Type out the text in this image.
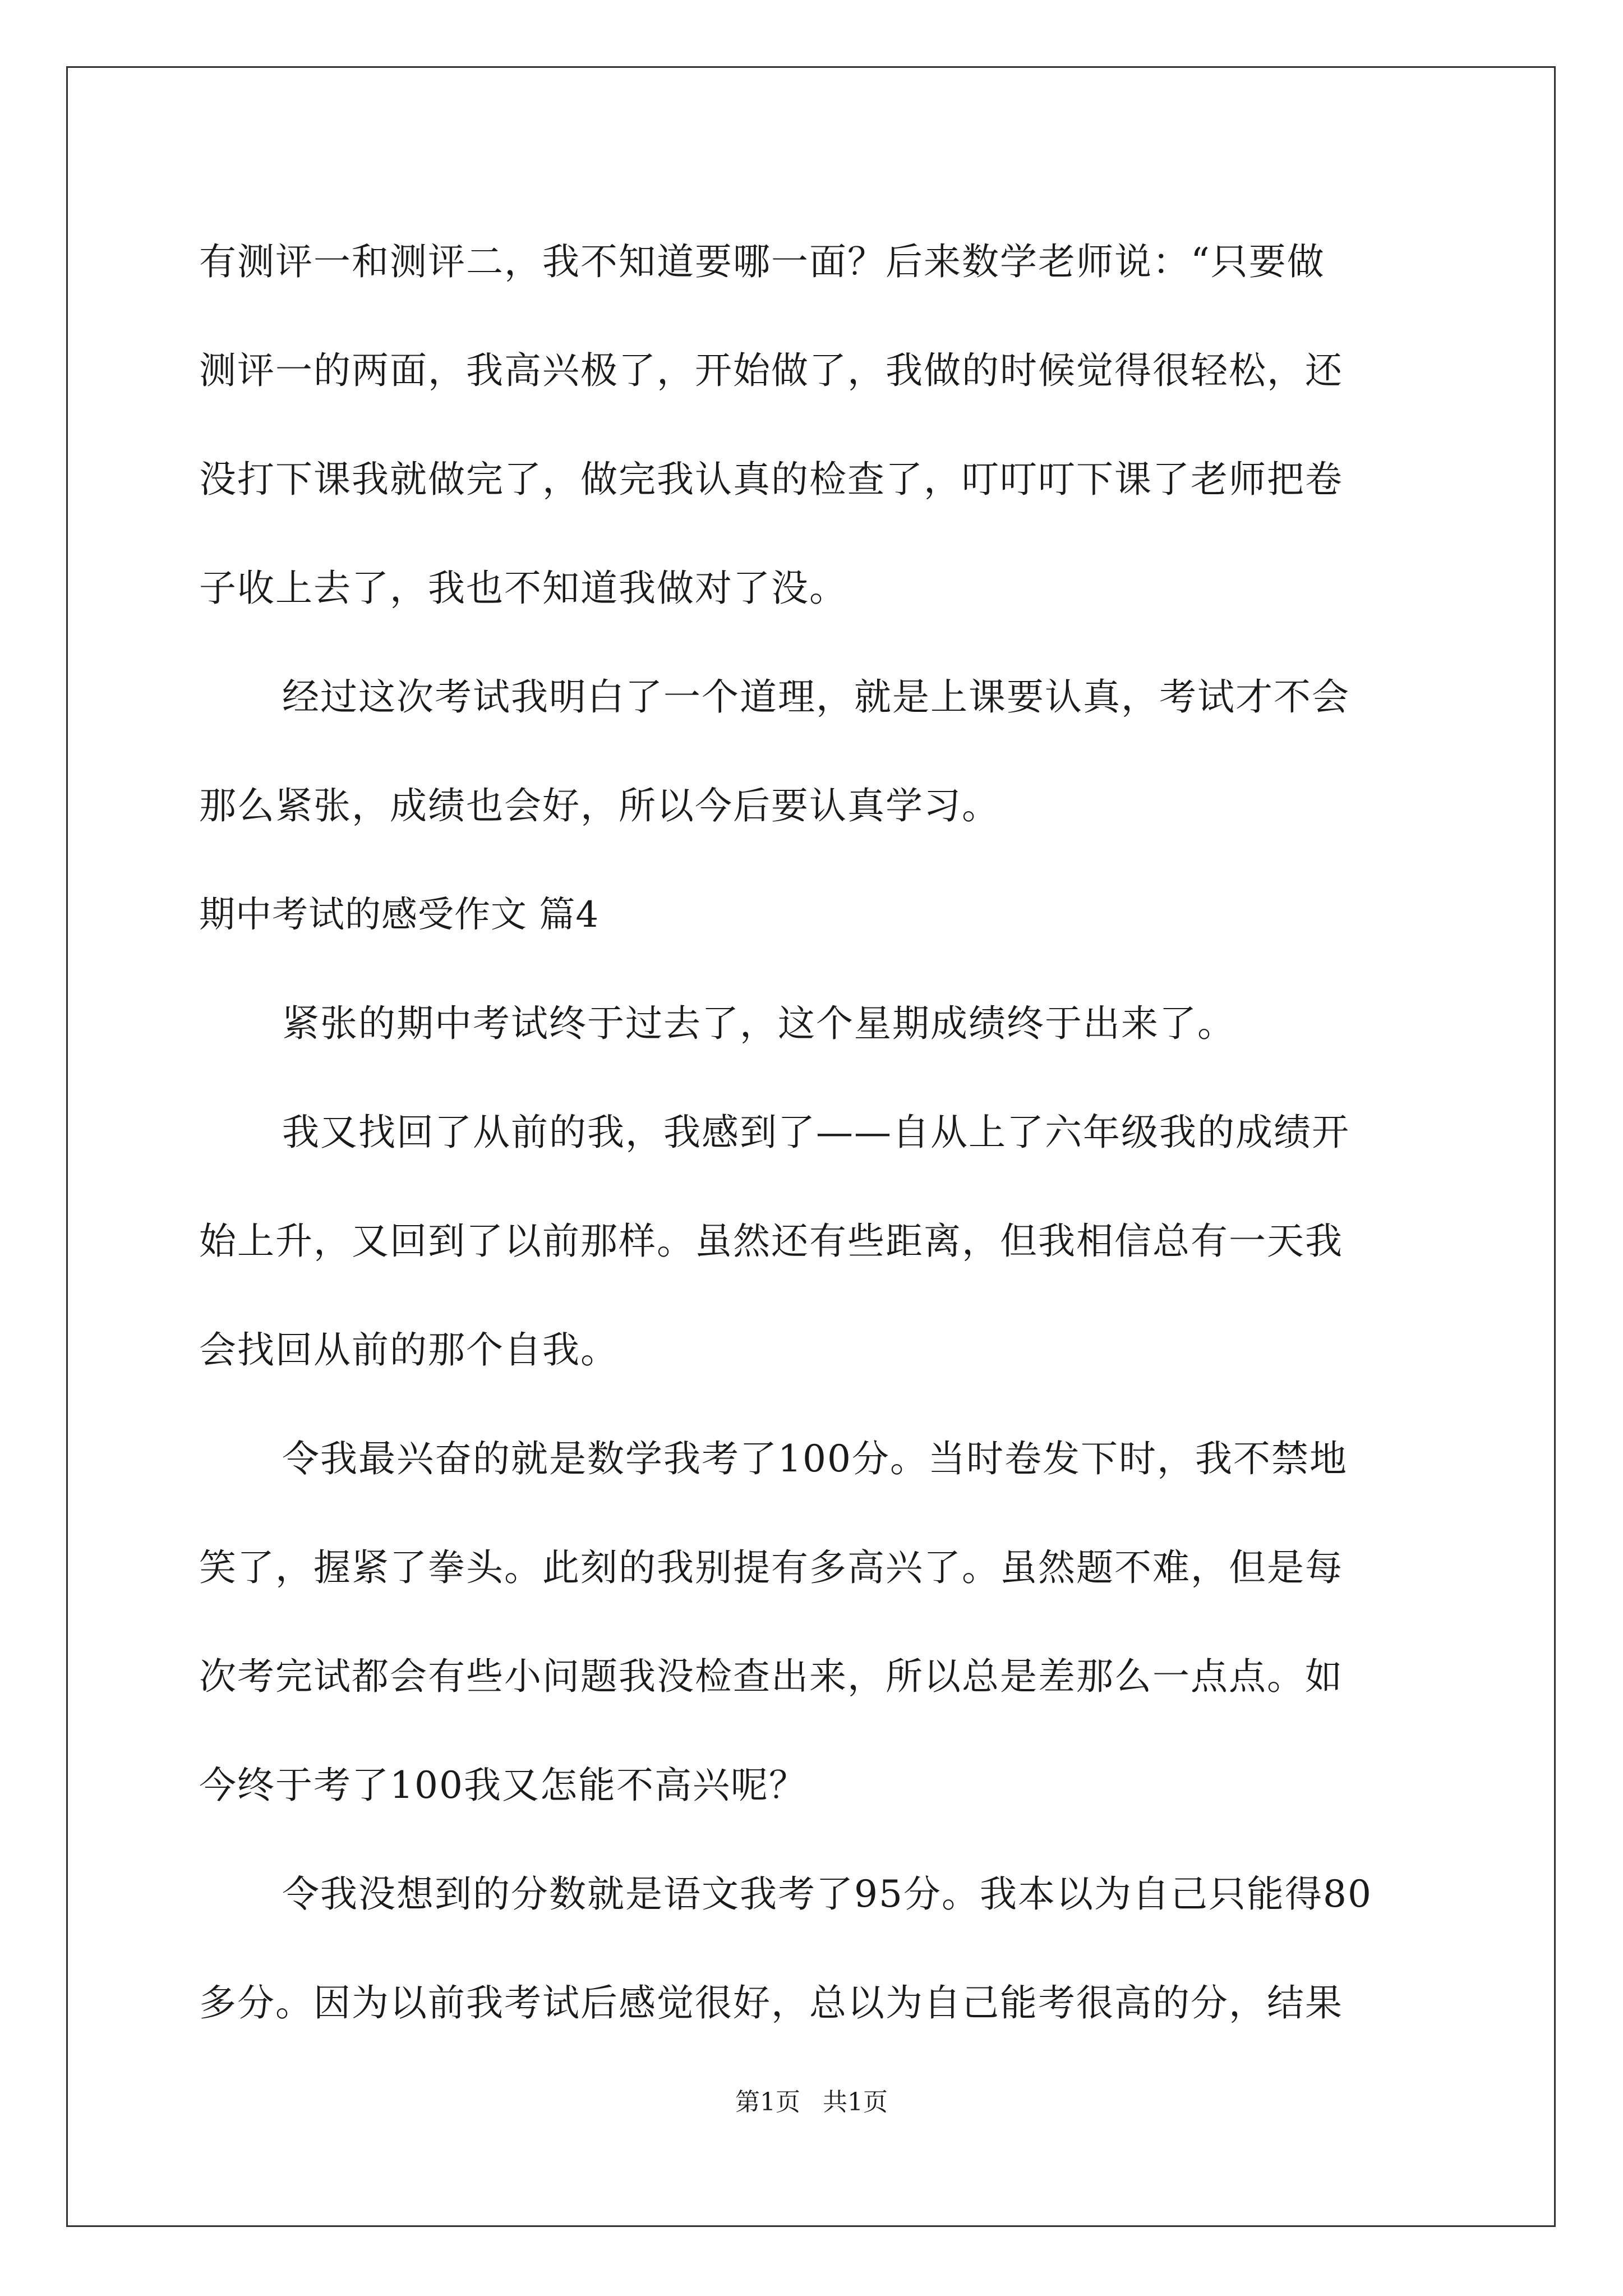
有测评一和测评二，我不知道要哪一面？后来数学老师说：“只要做
测评一的两面，我高兴极了，开始做了，我做的时候觉得很轻松，还
没打下课我就做完了，做完我认真的检查了，叮叮叮下课了老师把卷
子收上去了，我也不知道我做对了没。
经过这次考试我明白了一个道理，就是上课要认真，考试才不会
那么紧张，成绩也会好，所以今后要认真学习。
期中考试的感受作文 篇4
紧张的期中考试终于过去了，这个星期成绩终于出来了。
我又找回了从前的我，我感到了——自从上了六年级我的成绩开
始上升，又回到了以前那样。虽然还有些距离，但我相信总有一天我
会找回从前的那个自我。
令我最兴奋的就是数学我考了100分。当时卷发下时，我不禁地
笑了，握紧了拳头。此刻的我别提有多高兴了。虽然题不难，但是每
次考完试都会有些小问题我没检查出来，所以总是差那么一点点。如
今终于考了100我又怎能不高兴呢？
令我没想到的分数就是语文我考了95分。我本以为自己只能得80
多分。因为以前我考试后感觉很好，总以为自己能考很高的分，结果
第1页 共1页
